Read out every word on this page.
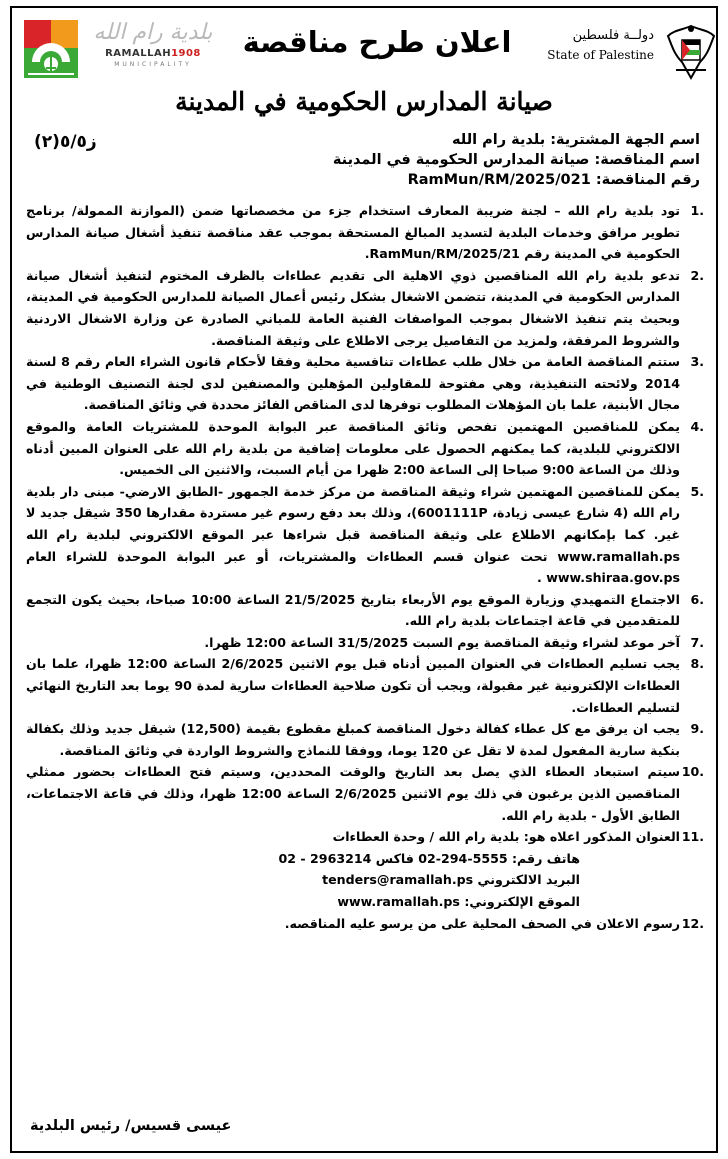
بلدية رام الله
RAMALLAH1908
MUNICIPALITY
اعلان طرح مناقصة	دولــة فلسطين
State of Palestine
صيانة المدارس الحكومية في المدينة
اسم الجهة المشترية: بلدية رام الله
اسم المناقصة: صيانة المدارس الحكومية في المدينة
رقم المناقصة: RamMun/RM/2025/021
ز٥/٥(٢)
1.
تود بلدية رام الله – لجنة ضريبة المعارف استخدام جزء من مخصصاتها ضمن (الموازنة الممولة/ برنامج تطوير مرافق وخدمات البلدية لتسديد المبالغ المستحقة بموجب عقد مناقصة تنفيذ أشغال صيانة المدارس الحكومية في المدينة رقم RamMun/RM/2025/21.
2.
تدعو بلدية رام الله المناقصين ذوي الاهلية الى تقديم عطاءات بالظرف المختوم لتنفيذ أشغال صيانة المدارس الحكومية في المدينة، تتضمن الاشغال بشكل رئيس أعمال الصيانة للمدارس الحكومية في المدينة، وبحيث يتم تنفيذ الاشغال بموجب المواصفات الفنية العامة للمباني الصادرة عن وزارة الاشغال الاردنية والشروط المرفقة، ولمزيد من التفاصيل يرجى الاطلاع على وثيقة المناقصة.
3.
ستتم المناقصة العامة من خلال طلب عطاءات تنافسية محلية وفقا لأحكام قانون الشراء العام رقم 8 لسنة 2014 ولائحته التنفيذية، وهي مفتوحة للمقاولين المؤهلين والمصنفين لدى لجنة التصنيف الوطنية في مجال الأبنية، علما بان المؤهلات المطلوب توفرها لدى المناقص الفائز محددة في وثائق المناقصة.
4.
يمكن للمناقصين المهتمين تفحص وثائق المناقصة عبر البوابة الموحدة للمشتريات العامة والموقع الالكتروني للبلدية، كما يمكنهم الحصول على معلومات إضافية من بلدية رام الله على العنوان المبين أدناه وذلك من الساعة 9:00 صباحا إلى الساعة 2:00 ظهرا من أيام السبت، والاثنين الى الخميس.
5.
يمكن للمناقصين المهتمين شراء وثيقة المناقصة من مركز خدمة الجمهور -الطابق الارضي- مبنى دار بلدية رام الله (4 شارع عيسى زيادة، 6001111P)، وذلك بعد دفع رسوم غير مستردة مقدارها 350 شيقل جديد لا غير. كما بإمكانهم الاطلاع على وثيقة المناقصة قبل شراءها عبر الموقع الالكتروني لبلدية رام الله www.ramallah.ps تحت عنوان قسم العطاءات والمشتريات، أو عبر البوابة الموحدة للشراء العام www.shiraa.gov.ps .
6.
الاجتماع التمهيدي وزيارة الموقع يوم الأربعاء بتاريخ 21/5/2025 الساعة 10:00 صباحا، بحيث يكون التجمع للمتقدمين في قاعة اجتماعات بلدية رام الله.
7.
آخر موعد لشراء وثيقة المناقصة يوم السبت 31/5/2025 الساعة 12:00 ظهرا.
8.
يجب تسليم العطاءات في العنوان المبين أدناه قبل يوم الاثنين 2/6/2025 الساعة 12:00 ظهرا، علما بان العطاءات الإلكترونية غير مقبولة، ويجب أن تكون صلاحية العطاءات سارية لمدة 90 يوما بعد التاريخ النهائي لتسليم العطاءات.
9.
يجب ان يرفق مع كل عطاء كفالة دخول المناقصة كمبلغ مقطوع بقيمة (12,500) شيقل جديد وذلك بكفالة بنكية سارية المفعول لمدة لا تقل عن 120 يوما، ووفقا للنماذج والشروط الواردة في وثائق المناقصة.
10.
سيتم استبعاد العطاء الذي يصل بعد التاريخ والوقت المحددين، وسيتم فتح العطاءات بحضور ممثلي المناقصين الذين يرغبون في ذلك يوم الاثنين 2/6/2025 الساعة 12:00 ظهرا، وذلك في قاعة الاجتماعات، الطابق الأول - بلدية رام الله.
11.
العنوان المذكور اعلاه هو: بلدية رام الله / وحدة العطاءات
هاتف رقم: 5555-294-02 فاكس 2963214 - 02
البريد الالكتروني tenders@ramallah.ps
الموقع الإلكتروني: www.ramallah.ps
12.
رسوم الاعلان في الصحف المحلية على من يرسو عليه المناقصه.
عيسى قسيس/ رئيس البلدية
